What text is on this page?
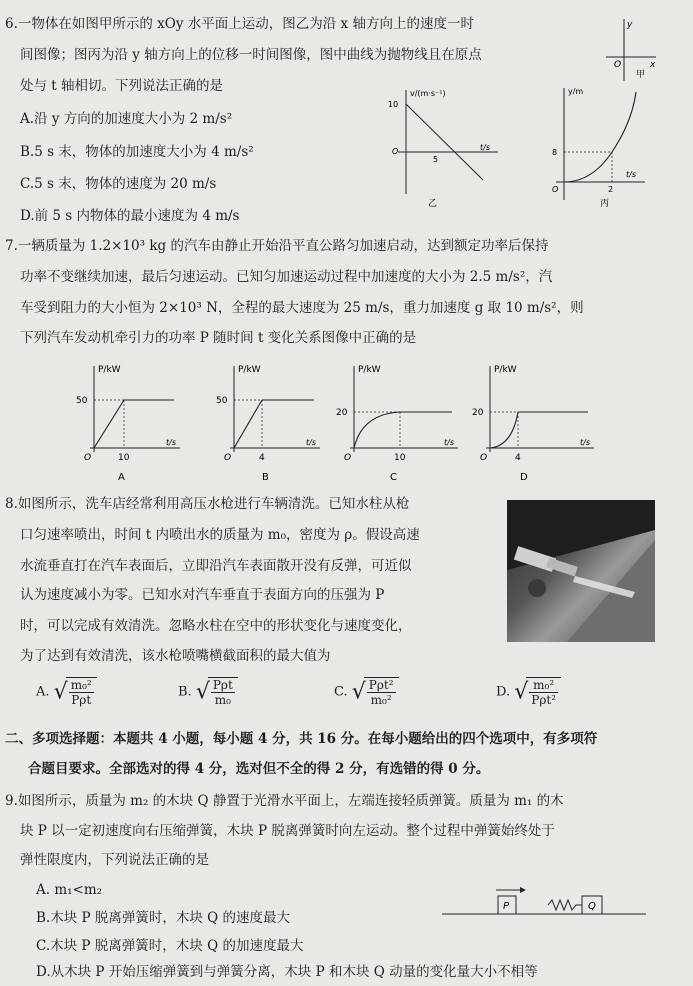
6.一物体在如图甲所示的 xOy 水平面上运动，图乙为沿 x 轴方向上的速度一时
间图像；图丙为沿 y 轴方向上的位移一时间图像，图中曲线为抛物线且在原点
处与 t 轴相切。下列说法正确的是
A.沿 y 方向的加速度大小为 2 m/s²
B.5 s 末，物体的加速度大小为 4 m/s²
C.5 s 末，物体的速度为 20 m/s
D.前 5 s 内物体的最小速度为 4 m/s
y
O	x
甲
v/(m·s⁻¹)
10
O
5
t/s
乙
y/m
8
O	2
t/s
丙
7.一辆质量为 1.2×10³ kg 的汽车由静止开始沿平直公路匀加速启动，达到额定功率后保持
功率不变继续加速，最后匀速运动。已知匀加速运动过程中加速度的大小为 2.5 m/s²，汽
车受到阻力的大小恒为 2×10³ N，全程的最大速度为 25 m/s，重力加速度 g 取 10 m/s²，则
下列汽车发动机牵引力的功率 P 随时间 t 变化关系图像中正确的是
P/kW
50
O	10
t/s
A
P/kW
50
O	4
t/s
B
P/kW
20
O	10
t/s
C
P/kW
20
O	4
t/s
D
8.如图所示，洗车店经常利用高压水枪进行车辆清洗。已知水柱从枪
口匀速率喷出，时间 t 内喷出水的质量为 m₀，密度为 ρ。假设高速
水流垂直打在汽车表面后，立即沿汽车表面散开没有反弹，可近似
认为速度减小为零。已知水对汽车垂直于表面方向的压强为 P
时，可以完成有效清洗。忽略水柱在空中的形状变化与速度变化，
为了达到有效清洗，该水枪喷嘴横截面积的最大值为
A. √ $\frac{\text{m₀²}}{\text{Pρt}}$	B. √ $\frac{\text{Pρt}}{\text{m₀}}$	C. √ $\frac{\text{Pρt²}}{\text{m₀²}}$	D. √ $\frac{\text{m₀²}}{\text{Pρt²}}$
二、多项选择题：本题共 4 小题，每小题 4 分，共 16 分。在每小题给出的四个选项中，有多项符
合题目要求。全部选对的得 4 分，选对但不全的得 2 分，有选错的得 0 分。
9.如图所示，质量为 m₂ 的木块 Q 静置于光滑水平面上，左端连接轻质弹簧。质量为 m₁ 的木
块 P 以一定初速度向右压缩弹簧，木块 P 脱离弹簧时向左运动。整个过程中弹簧始终处于
弹性限度内，下列说法正确的是
A. m₁<m₂
B.木块 P 脱离弹簧时，木块 Q 的速度最大
C.木块 P 脱离弹簧时，木块 Q 的加速度最大
D.从木块 P 开始压缩弹簧到与弹簧分离，木块 P 和木块 Q 动量的变化量大小不相等
P	Q
